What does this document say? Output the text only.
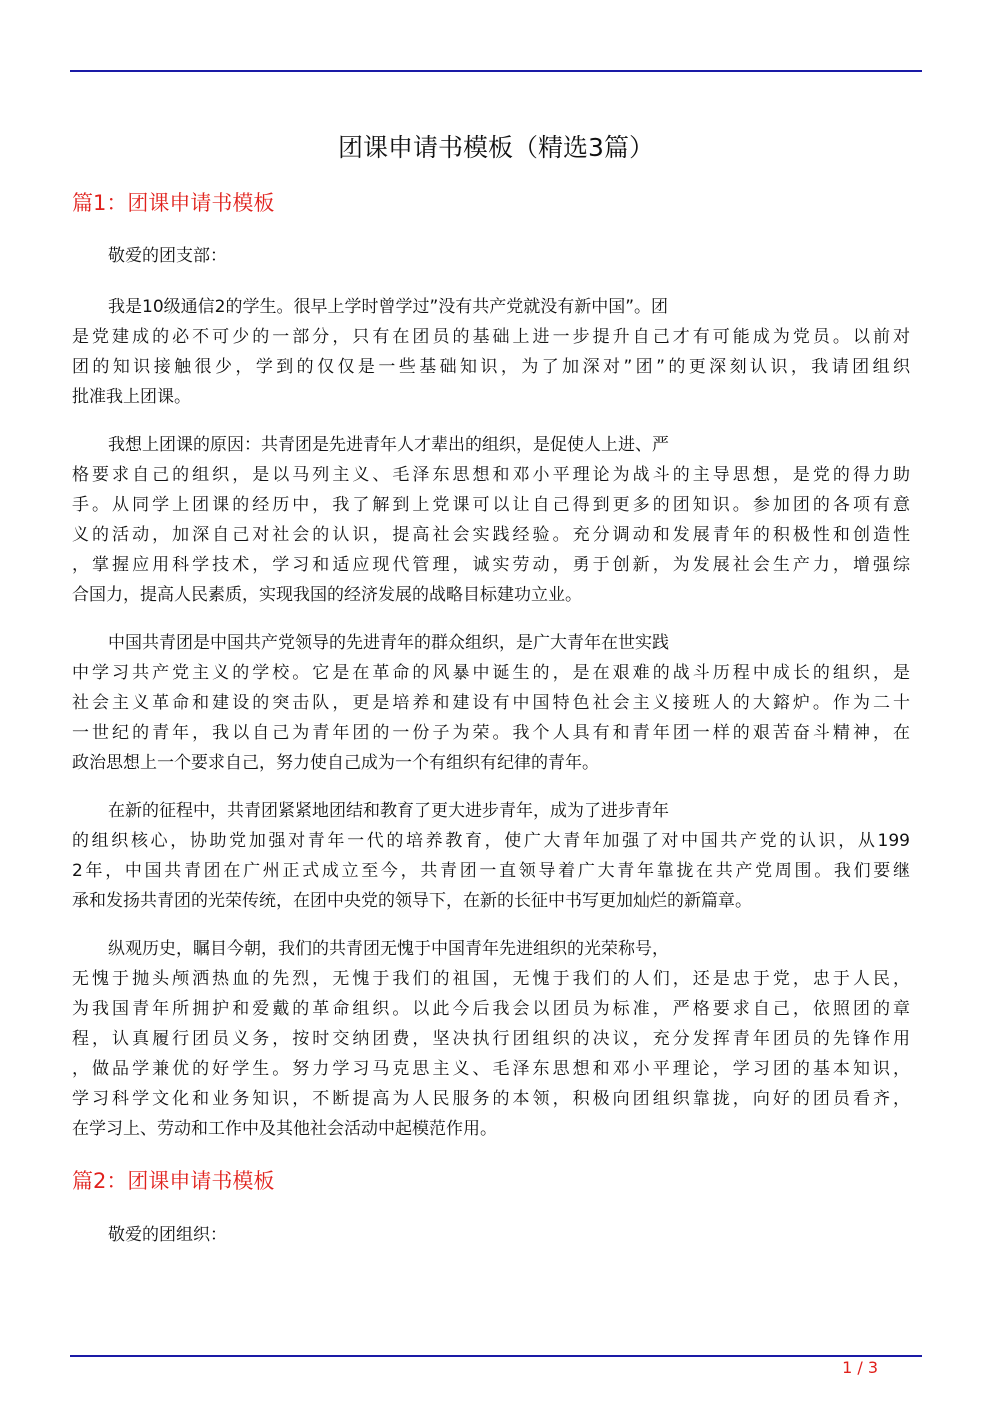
团课申请书模板（精选3篇）
篇1：团课申请书模板
敬爱的团支部：
我是10级通信2的学生。很早上学时曾学过”没有共产党就没有新中国”。团
是党建成的必不可少的一部分，只有在团员的基础上进一步提升自己才有可能成为党员。以前对
团的知识接触很少，学到的仅仅是一些基础知识，为了加深对”团”的更深刻认识，我请团组织
批准我上团课。
我想上团课的原因：共青团是先进青年人才辈出的组织，是促使人上进、严
格要求自己的组织，是以马列主义、毛泽东思想和邓小平理论为战斗的主导思想，是党的得力助
手。从同学上团课的经历中，我了解到上党课可以让自己得到更多的团知识。参加团的各项有意
义的活动，加深自己对社会的认识，提高社会实践经验。充分调动和发展青年的积极性和创造性
，掌握应用科学技术，学习和适应现代管理，诚实劳动，勇于创新，为发展社会生产力，增强综
合国力，提高人民素质，实现我国的经济发展的战略目标建功立业。
中国共青团是中国共产党领导的先进青年的群众组织，是广大青年在世实践
中学习共产党主义的学校。它是在革命的风暴中诞生的，是在艰难的战斗历程中成长的组织，是
社会主义革命和建设的突击队，更是培养和建设有中国特色社会主义接班人的大鎔炉。作为二十
一世纪的青年，我以自己为青年团的一份子为荣。我个人具有和青年团一样的艰苦奋斗精神，在
政治思想上一个要求自己，努力使自己成为一个有组织有纪律的青年。
在新的征程中，共青团紧紧地团结和教育了更大进步青年，成为了进步青年
的组织核心，协助党加强对青年一代的培养教育，使广大青年加强了对中国共产党的认识，从199
2年，中国共青团在广州正式成立至今，共青团一直领导着广大青年靠拢在共产党周围。我们要继
承和发扬共青团的光荣传统，在团中央党的领导下，在新的长征中书写更加灿烂的新篇章。
纵观历史，瞩目今朝，我们的共青团无愧于中国青年先进组织的光荣称号，
无愧于抛头颅洒热血的先烈，无愧于我们的祖国，无愧于我们的人们，还是忠于党，忠于人民，
为我国青年所拥护和爱戴的革命组织。以此今后我会以团员为标准，严格要求自己，依照团的章
程，认真履行团员义务，按时交纳团费，坚决执行团组织的决议，充分发挥青年团员的先锋作用
，做品学兼优的好学生。努力学习马克思主义、毛泽东思想和邓小平理论，学习团的基本知识，
学习科学文化和业务知识，不断提高为人民服务的本领，积极向团组织靠拢，向好的团员看齐，
在学习上、劳动和工作中及其他社会活动中起模范作用。
篇2：团课申请书模板
敬爱的团组织：
1 / 3
